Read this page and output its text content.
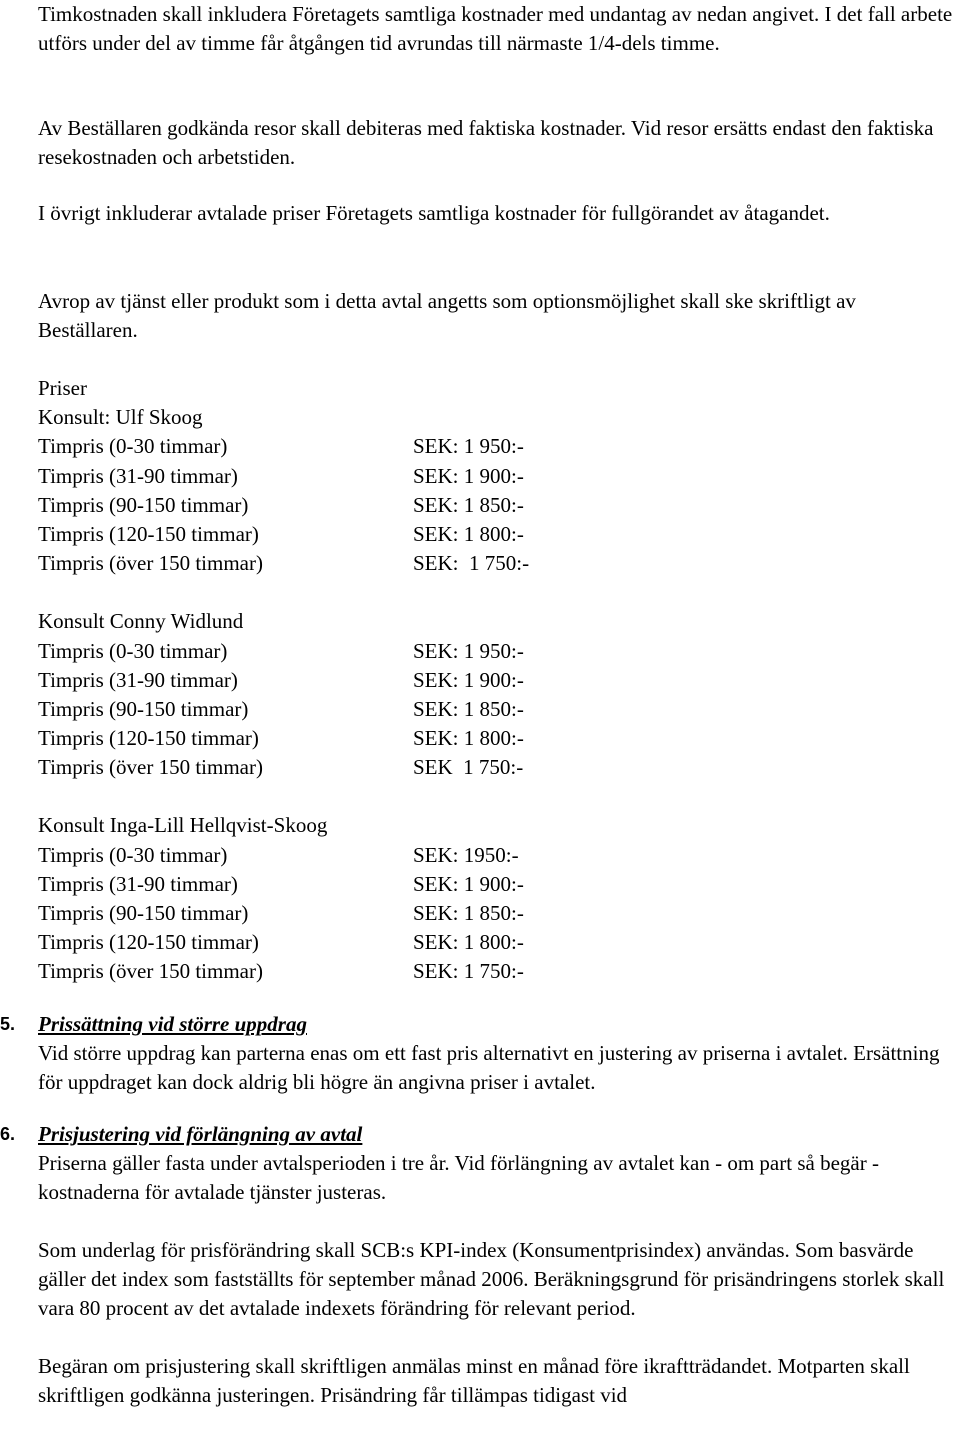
Timkostnaden skall inkludera Företagets samtliga kostnader med undantag av nedan angivet. I det fall arbete utförs under del av timme får åtgången tid avrundas till närmaste 1/4-dels timme.

Av Beställaren godkända resor skall debiteras med faktiska kostnader. Vid resor ersätts endast den faktiska resekostnaden och arbetstiden.

I övrigt inkluderar avtalade priser Företagets samtliga kostnader för fullgörandet av åtagandet.

Avrop av tjänst eller produkt som i detta avtal angetts som optionsmöjlighet skall ske skriftligt av Beställaren.

Priser
Konsult: Ulf Skoog
Timpris (0-30 timmar)	SEK: 1 950:-
Timpris (31-90 timmar)	SEK: 1 900:-
Timpris (90-150 timmar)	SEK: 1 850:-
Timpris (120-150 timmar)	SEK: 1 800:-
Timpris (över 150 timmar)	SEK:  1 750:-
Konsult Conny Widlund
Timpris (0-30 timmar)	SEK: 1 950:-
Timpris (31-90 timmar)	SEK: 1 900:-
Timpris (90-150 timmar)	SEK: 1 850:-
Timpris (120-150 timmar)	SEK: 1 800:-
Timpris (över 150 timmar)	SEK  1 750:-
Konsult Inga-Lill Hellqvist-Skoog
Timpris (0-30 timmar)	SEK: 1950:-
Timpris (31-90 timmar)	SEK: 1 900:-
Timpris (90-150 timmar)	SEK: 1 850:-
Timpris (120-150 timmar)	SEK: 1 800:-
Timpris (över 150 timmar)	SEK: 1 750:-
5. Prissättning vid större uppdrag

Vid större uppdrag kan parterna enas om ett fast pris alternativt en justering av priserna i avtalet. Ersättning för uppdraget kan dock aldrig bli högre än angivna priser i avtalet.

6. Prisjustering vid förlängning av avtal

Priserna gäller fasta under avtalsperioden i tre år. Vid förlängning av avtalet kan - om part så begär - kostnaderna för avtalade tjänster justeras.

Som underlag för prisförändring skall SCB:s KPI-index (Konsumentprisindex) användas. Som basvärde gäller det index som fastställts för september månad 2006. Beräkningsgrund för prisändringens storlek skall vara 80 procent av det avtalade indexets förändring för relevant period.

Begäran om prisjustering skall skriftligen anmälas minst en månad före ikraftträdandet. Motparten skall skriftligen godkänna justeringen. Prisändring får tillämpas tidigast vid
